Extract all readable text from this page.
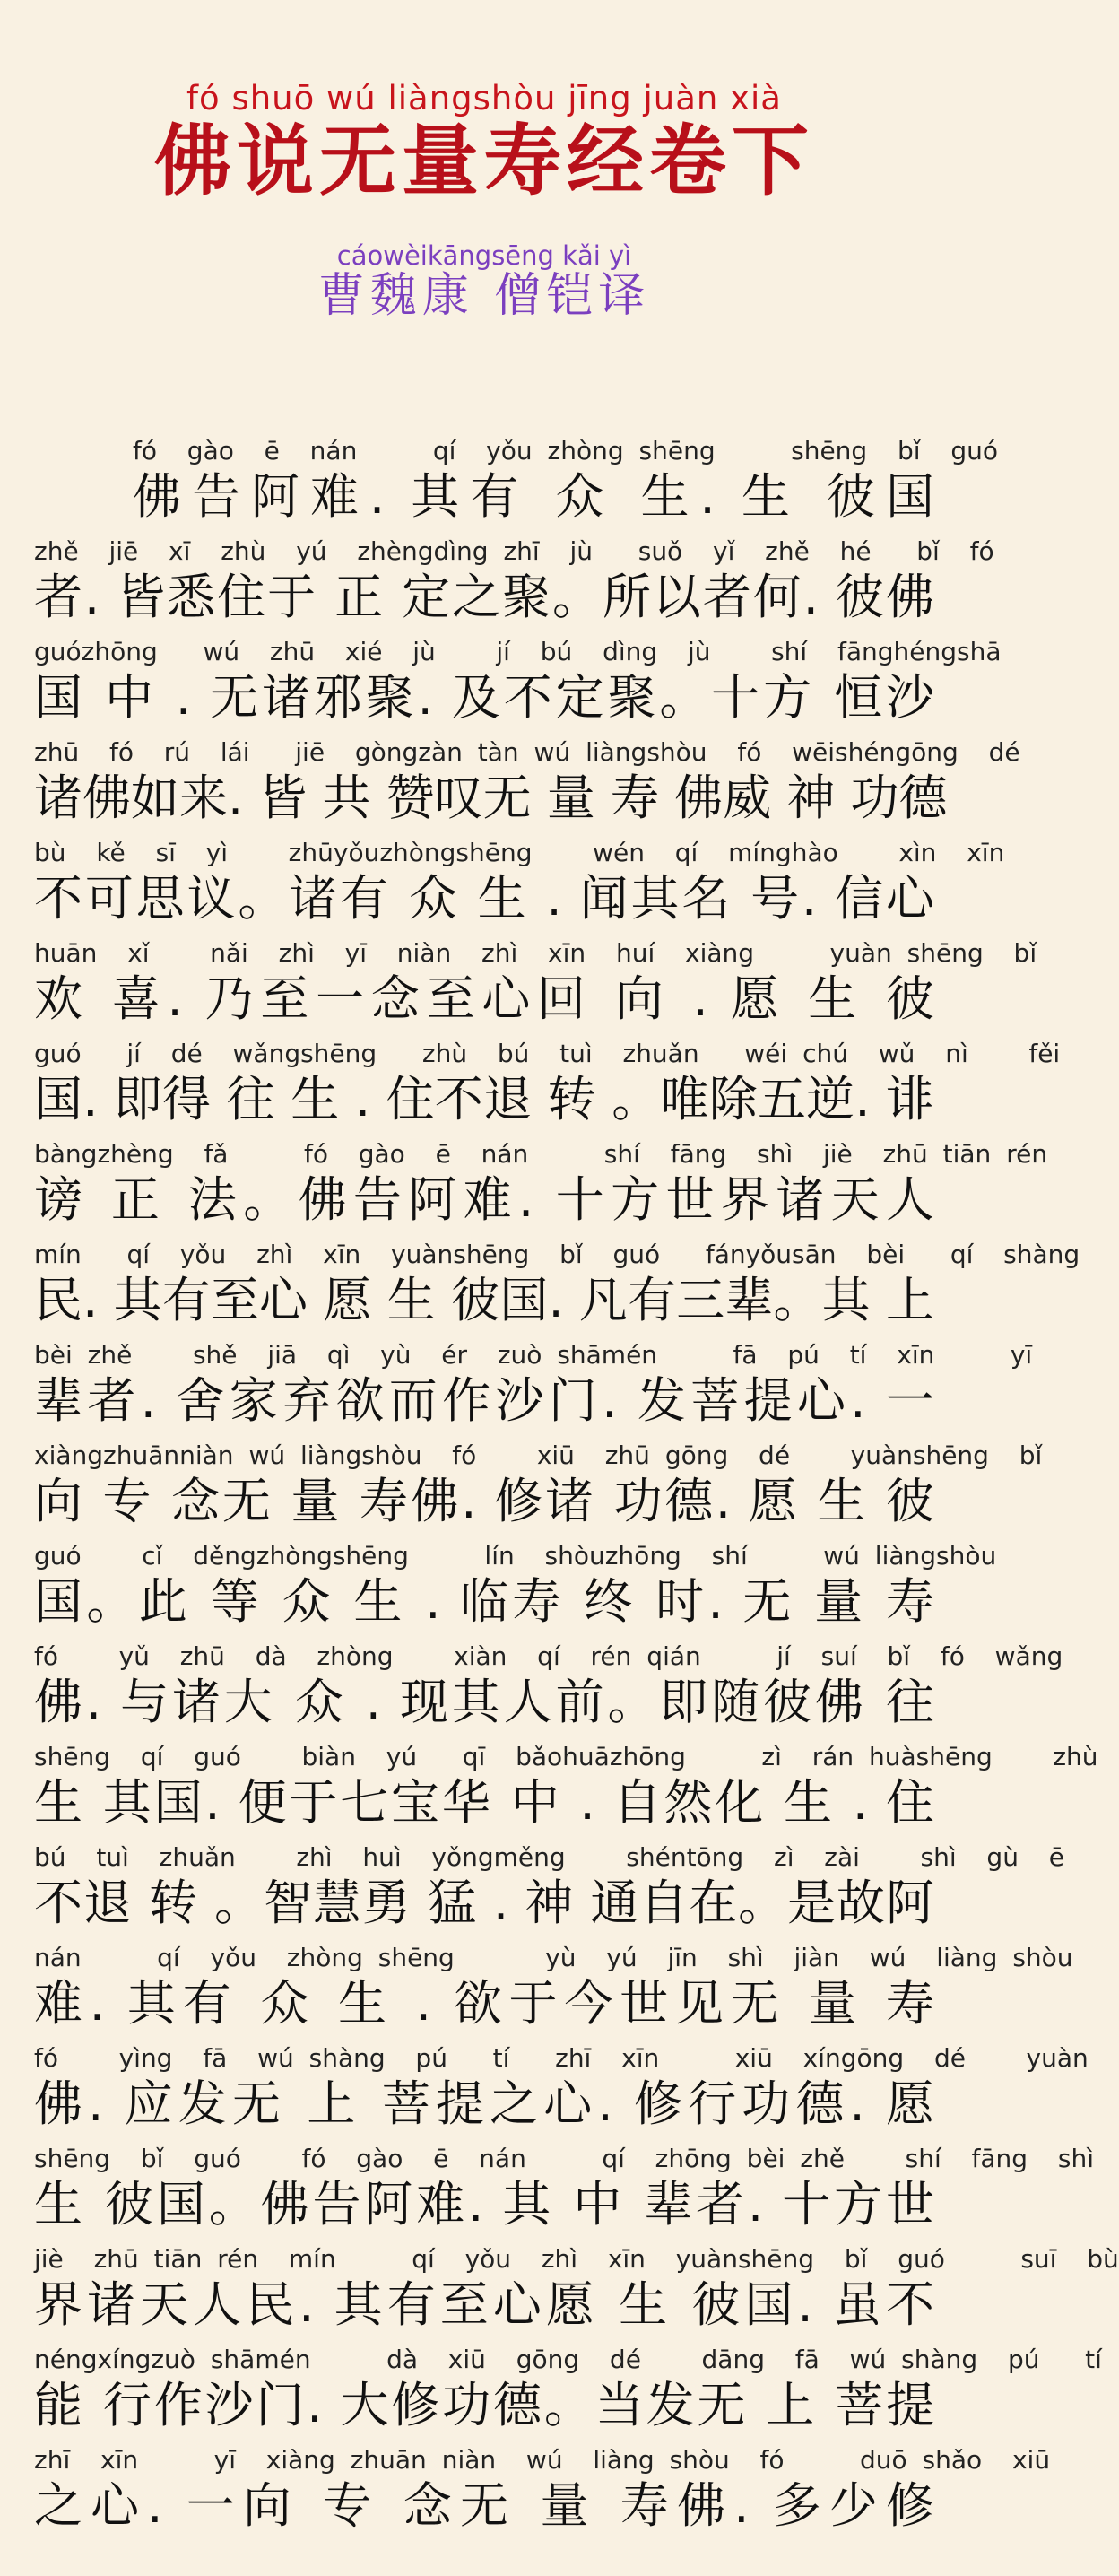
fó shuō wú liàngshòu jīng juàn xià
佛说无量寿经卷下
cáowèikāngsēng kǎi yì
曹魏康 僧铠译
fó  gào  ē  nán     qí  yǒu zhòng shēng     shēng  bǐ  guó
佛告阿难. 其有 众 生. 生 彼国
zhě  jiē  xī  zhù  yú  zhèngdìng zhī  jù   suǒ  yǐ  zhě  hé   bǐ  fó
者. 皆悉住于 正 定之聚。所以者何. 彼佛
guózhōng   wú  zhū  xié  jù    jí  bú  dìng  jù    shí  fānghéngshā
国 中 . 无诸邪聚. 及不定聚。十方 恒沙
zhū  fó  rú  lái   jiē  gòngzàn tàn wú liàngshòu  fó  wēishéngōng  dé
诸佛如来. 皆 共 赞叹无 量 寿 佛威 神 功德
bù  kě  sī  yì    zhūyǒuzhòngshēng    wén  qí  mínghào    xìn  xīn
不可思议。诸有 众 生 . 闻其名 号. 信心
huān  xǐ    nǎi  zhì  yī  niàn  zhì  xīn  huí  xiàng     yuàn shēng  bǐ
欢 喜. 乃至一念至心回 向 . 愿 生 彼
guó   jí  dé  wǎngshēng   zhù  bú  tuì  zhuǎn   wéi chú  wǔ  nì    fěi
国. 即得 往 生 . 住不退 转 。唯除五逆. 诽
bàngzhèng  fǎ     fó  gào  ē  nán     shí  fāng  shì  jiè  zhū tiān rén
谤 正 法。佛告阿难. 十方世界诸天人
mín   qí  yǒu  zhì  xīn  yuànshēng  bǐ  guó   fányǒusān  bèi   qí  shàng
民. 其有至心 愿 生 彼国. 凡有三辈。其 上
bèi zhě    shě  jiā  qì  yù  ér  zuò shāmén     fā  pú  tí  xīn     yī
辈者. 舍家弃欲而作沙门. 发菩提心. 一
xiàngzhuānniàn wú liàngshòu  fó    xiū  zhū gōng  dé    yuànshēng  bǐ
向 专 念无 量 寿佛. 修诸 功德. 愿 生 彼
guó    cǐ  děngzhòngshēng     lín  shòuzhōng  shí     wú liàngshòu
国。此 等 众 生 . 临寿 终 时. 无 量 寿
fó    yǔ  zhū  dà  zhòng    xiàn  qí  rén qián     jí  suí  bǐ  fó  wǎng
佛. 与诸大 众 . 现其人前。即随彼佛 往
shēng  qí  guó    biàn  yú   qī  bǎohuāzhōng     zì  rán huàshēng    zhù
生 其国. 便于七宝华 中 . 自然化 生 . 住
bú  tuì  zhuǎn    zhì  huì  yǒngměng    shéntōng  zì  zài    shì  gù  ē
不退 转 。智慧勇 猛 . 神 通自在。是故阿
nán     qí  yǒu  zhòng shēng      yù  yú  jīn  shì  jiàn  wú  liàng shòu
难. 其有 众 生 . 欲于今世见无 量 寿
fó    yìng  fā  wú shàng  pú   tí   zhī  xīn     xiū  xíngōng  dé    yuàn
佛. 应发无 上 菩提之心. 修行功德. 愿
shēng  bǐ  guó    fó  gào  ē  nán     qí  zhōng bèi zhě    shí  fāng  shì
生 彼国。佛告阿难. 其 中 辈者. 十方世
jiè  zhū tiān rén  mín     qí  yǒu  zhì  xīn  yuànshēng  bǐ  guó     suī  bù
界诸天人民. 其有至心愿 生 彼国. 虽不
néngxíngzuò shāmén     dà  xiū  gōng  dé    dāng  fā  wú shàng  pú   tí
能 行作沙门. 大修功德。当发无 上 菩提
zhī  xīn     yī  xiàng zhuān niàn  wú  liàng shòu  fó     duō shǎo  xiū
之心. 一向 专 念无 量 寿佛. 多少修
